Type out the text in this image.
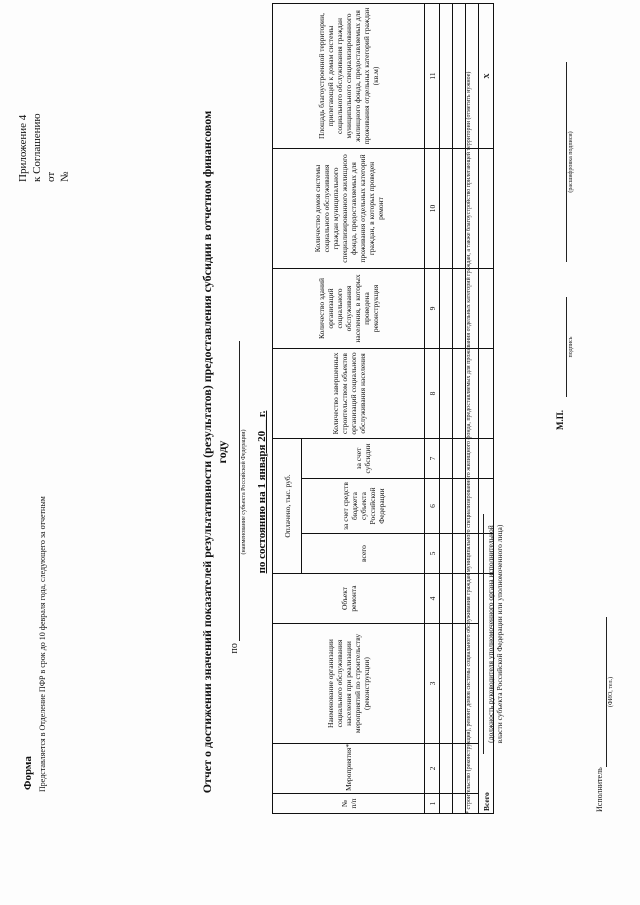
Форма Представляется в Отделение ПФР в срок до 10 февраля года, следующего за отчетным
Приложение 4 к Соглашению от №	Отчет о достижении значений показателей результативности (результатов) предоставления субсидии в отчетном финансовом году
по
(наименование субъекта Российской Федерации) по состоянию на 1 января 20__ г.
№ п/п	Мероприятия*	Наименование организации социального обслуживания населения при реализации мероприятий по строительству (реконструкции)	Объект ремонта	Оплачено, тыс. руб.			Количество завершенных строительством объектов организаций социального обслуживания населения	Количество зданий организаций социального обслуживания населения, в которых проведена реконструкция	Количество домов системы социального обслуживания граждан муниципального специализированного жилищного фонда, предоставляемых для проживания отдельных категорий граждан, в которых проведен ремонт	Площадь благоустроенной территории, прилегающей к домам системы социального обслуживания граждан муниципального специализированного жилищного фонда, предоставляемых для проживания отдельных категорий граждан (кв.м)
				всего	за счет средств бюджета субъекта Российской Федерации	за счет субсидии				
1	2	3	4	5	6	7	8	9	10	11

Всего										X
* строительство (реконструкция), ремонт домов системы социального обслуживания граждан муниципального специализированного жилищного фонда, предоставляемых для проживания отдельных категорий граждан, а также благоустройство прилегающей территории (отметить нужное) (должность руководителя уполномоченного органа исполнительной власти субъекта Российской Федерации или уполномоченного лица)
М.П.
подпись
(расшифровка подписи)
Исполнитель
(ФИО, тел.)
